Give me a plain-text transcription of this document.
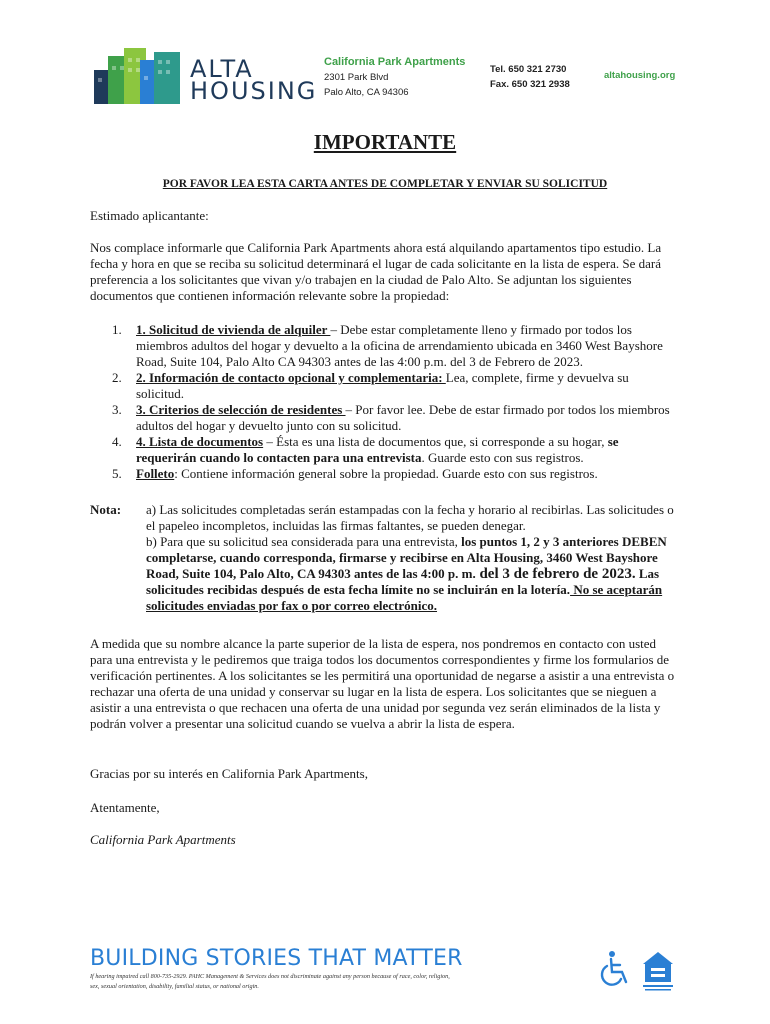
ALTA
HOUSING
California Park Apartments
2301 Park Blvd
Palo Alto, CA 94306
Tel. 650 321 2730
Fax. 650 321 2938
altahousing.org
IMPORTANTE
POR FAVOR LEA ESTA CARTA ANTES DE COMPLETAR Y ENVIAR SU SOLICITUD

Estimado aplicantante:

Nos complace informarle que California Park Apartments ahora está alquilando apartamentos tipo estudio. La fecha y hora en que se reciba su solicitud determinará el lugar de cada solicitante en la lista de espera. Se dará preferencia a los solicitantes que vivan y/o trabajen en la ciudad de Palo Alto. Se adjuntan los siguientes documentos que contienen información relevante sobre la propiedad:

1. 1. Solicitud de vivienda de alquiler – Debe estar completamente lleno y firmado por todos los miembros adultos del hogar y devuelto a la oficina de arrendamiento ubicada en 3460 West Bayshore Road, Suite 104, Palo Alto CA 94303 antes de las 4:00 p.m. del 3 de Febrero de 2023.
2. 2. Información de contacto opcional y complementaria: Lea, complete, firme y devuelva su solicitud.
3. 3. Criterios de selección de residentes – Por favor lee. Debe de estar firmado por todos los miembros adultos del hogar y devuelto junto con su solicitud.
4. 4. Lista de documentos – Ésta es una lista de documentos que, si corresponde a su hogar, se requerirán cuando lo contacten para una entrevista. Guarde esto con sus registros.
5. Folleto: Contiene información general sobre la propiedad. Guarde esto con sus registros.
Nota: a) Las solicitudes completadas serán estampadas con la fecha y horario al recibirlas. Las solicitudes o el papeleo incompletos, incluidas las firmas faltantes, se pueden denegar.

b) Para que su solicitud sea considerada para una entrevista, los puntos 1, 2 y 3 anteriores DEBEN completarse, cuando corresponda, firmarse y recibirse en Alta Housing, 3460 West Bayshore Road, Suite 104, Palo Alto, CA 94303 antes de las 4:00 p. m. del 3 de febrero de 2023. Las solicitudes recibidas después de esta fecha límite no se incluirán en la lotería. No se aceptarán solicitudes enviadas por fax o por correo electrónico.

A medida que su nombre alcance la parte superior de la lista de espera, nos pondremos en contacto con usted para una entrevista y le pediremos que traiga todos los documentos correspondientes y firme los formularios de verificación pertinentes. A los solicitantes se les permitirá una oportunidad de negarse a asistir a una entrevista o rechazar una oferta de una unidad y conservar su lugar en la lista de espera. Los solicitantes que se nieguen a asistir a una entrevista o que rechacen una oferta de una unidad por segunda vez serán eliminados de la lista y podrán volver a presentar una solicitud cuando se vuelva a abrir la lista de espera.

Gracias por su interés en California Park Apartments,

Atentamente,

California Park Apartments

BUILDING STORIES THAT MATTER
If hearing impaired call 800-735-2929. PAHC Management & Services does not discriminate against any person because of race, color, religion, sex, sexual orientation, disability, familial status, or national origin.
